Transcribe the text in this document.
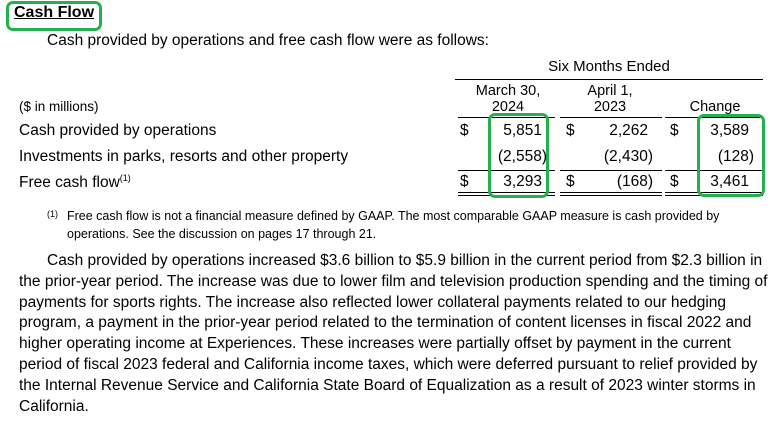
Cash Flow
Cash provided by operations and free cash flow were as follows:
Six Months Ended
March 30,
2024
April 1,
2023	Change
($ in millions)
Cash provided by operations	$	5,851 $	2,262 $	3,589
Investments in parks, resorts and other property	(2,558)	(2,430)	(128)
Free cash flow$^{(1)}$	$	3,293 $	(168) $	3,461
(1) Free cash flow is not a financial measure defined by GAAP. The most comparable GAAP measure is cash provided by operations. See the discussion on pages 17 through 21.
Cash provided by operations increased $3.6 billion to $5.9 billion in the current period from $2.3 billion in the prior-year period. The increase was due to lower film and television production spending and the timing of payments for sports rights. The increase also reflected lower collateral payments related to our hedging program, a payment in the prior-year period related to the termination of content licenses in fiscal 2022 and higher operating income at Experiences. These increases were partially offset by payment in the current period of fiscal 2023 federal and California income taxes, which were deferred pursuant to relief provided by the Internal Revenue Service and California State Board of Equalization as a result of 2023 winter storms in California.
